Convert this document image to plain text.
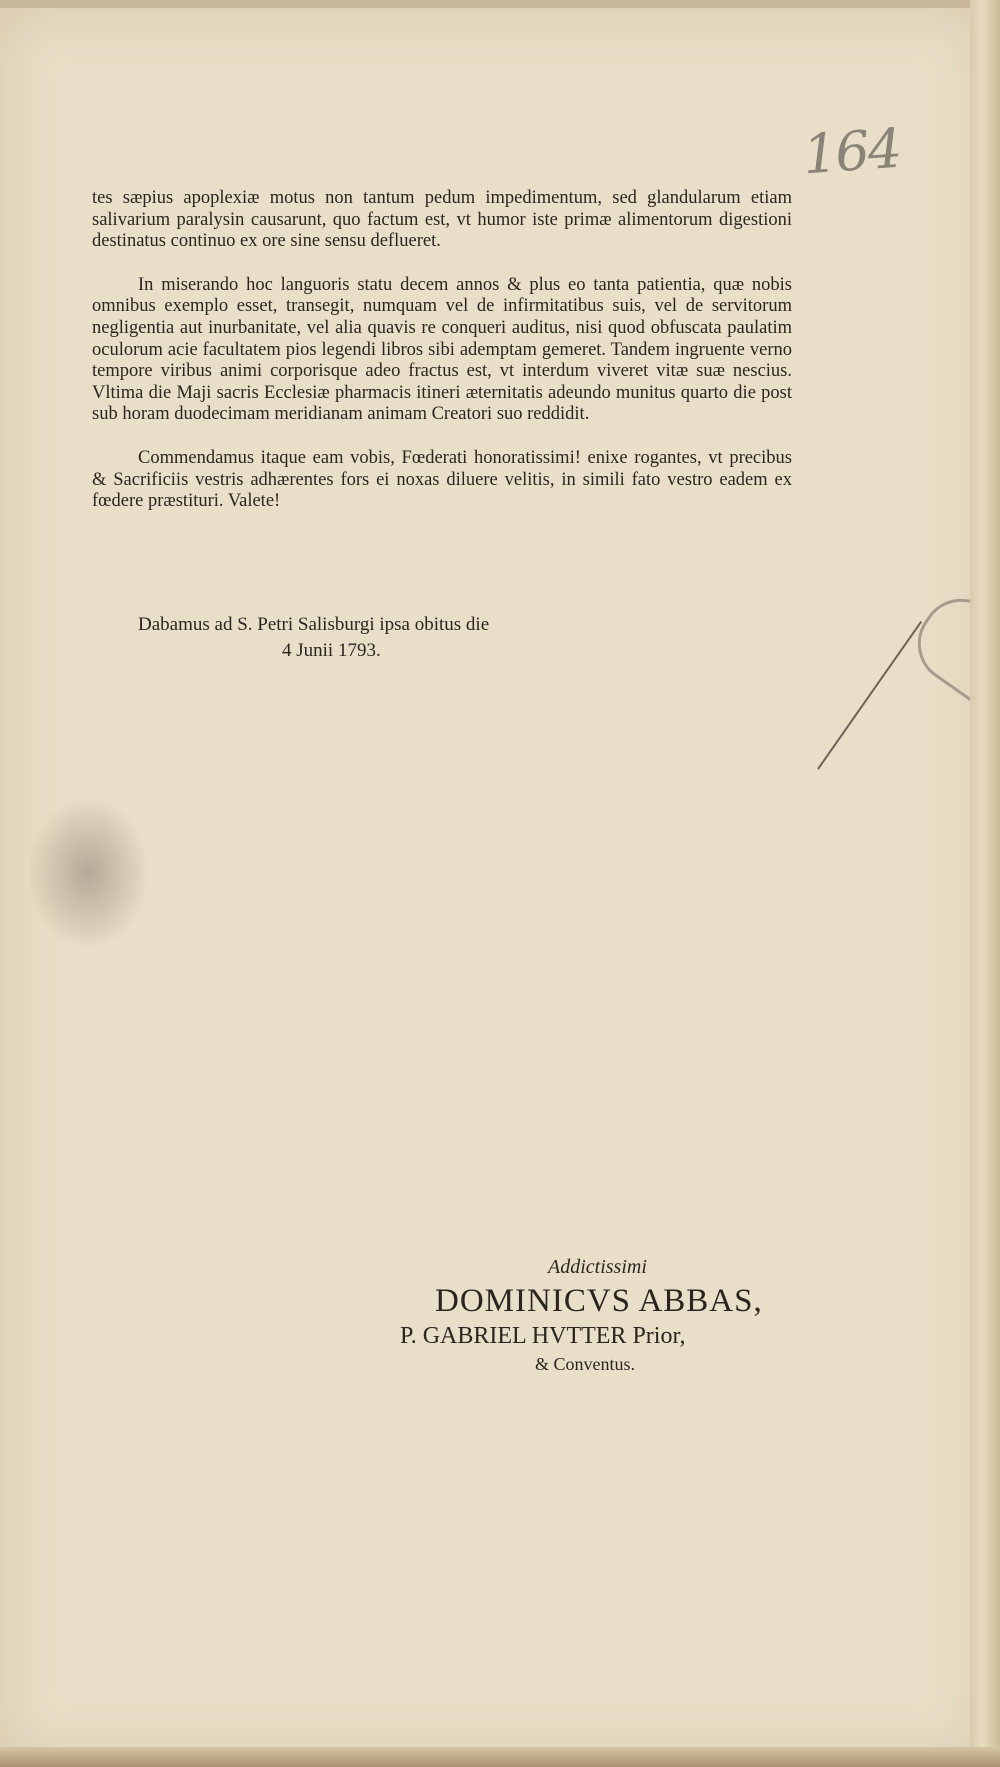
164

tes sæpius apoplexiæ motus non tantum pedum impedimentum, sed glandularum etiam salivarium paralysin causarunt, quo factum est, vt humor iste primæ alimentorum digestioni destinatus continuo ex ore sine sensu deflueret.

In miserando hoc languoris statu decem annos & plus eo tanta patientia, quæ nobis omnibus exemplo esset, transegit, numquam vel de infirmitatibus suis, vel de servitorum negligentia aut inurbanitate, vel alia quavis re conqueri auditus, nisi quod obfuscata paulatim oculorum acie facultatem pios legendi libros sibi ademptam gemeret. Tandem ingruente verno tempore viribus animi corporisque adeo fractus est, vt interdum viveret vitæ suæ nescius. Vltima die Maji sacris Ecclesiæ pharmacis itineri æternitatis adeundo munitus quarto die post sub horam duodecimam meridianam animam Creatori suo reddidit.

Commendamus itaque eam vobis, Fœderati honoratissimi! enixe rogantes, vt precibus & Sacrificiis vestris adhærentes fors ei noxas diluere velitis, in simili fato vestro eadem ex fœdere præstituri. Valete!

Dabamus ad S. Petri Salisburgi ipsa obitus die
4 Junii 1793.
Addictissimi
DOMINICVS ABBAS,
P. GABRIEL HVTTER Prior,
& Conventus.
